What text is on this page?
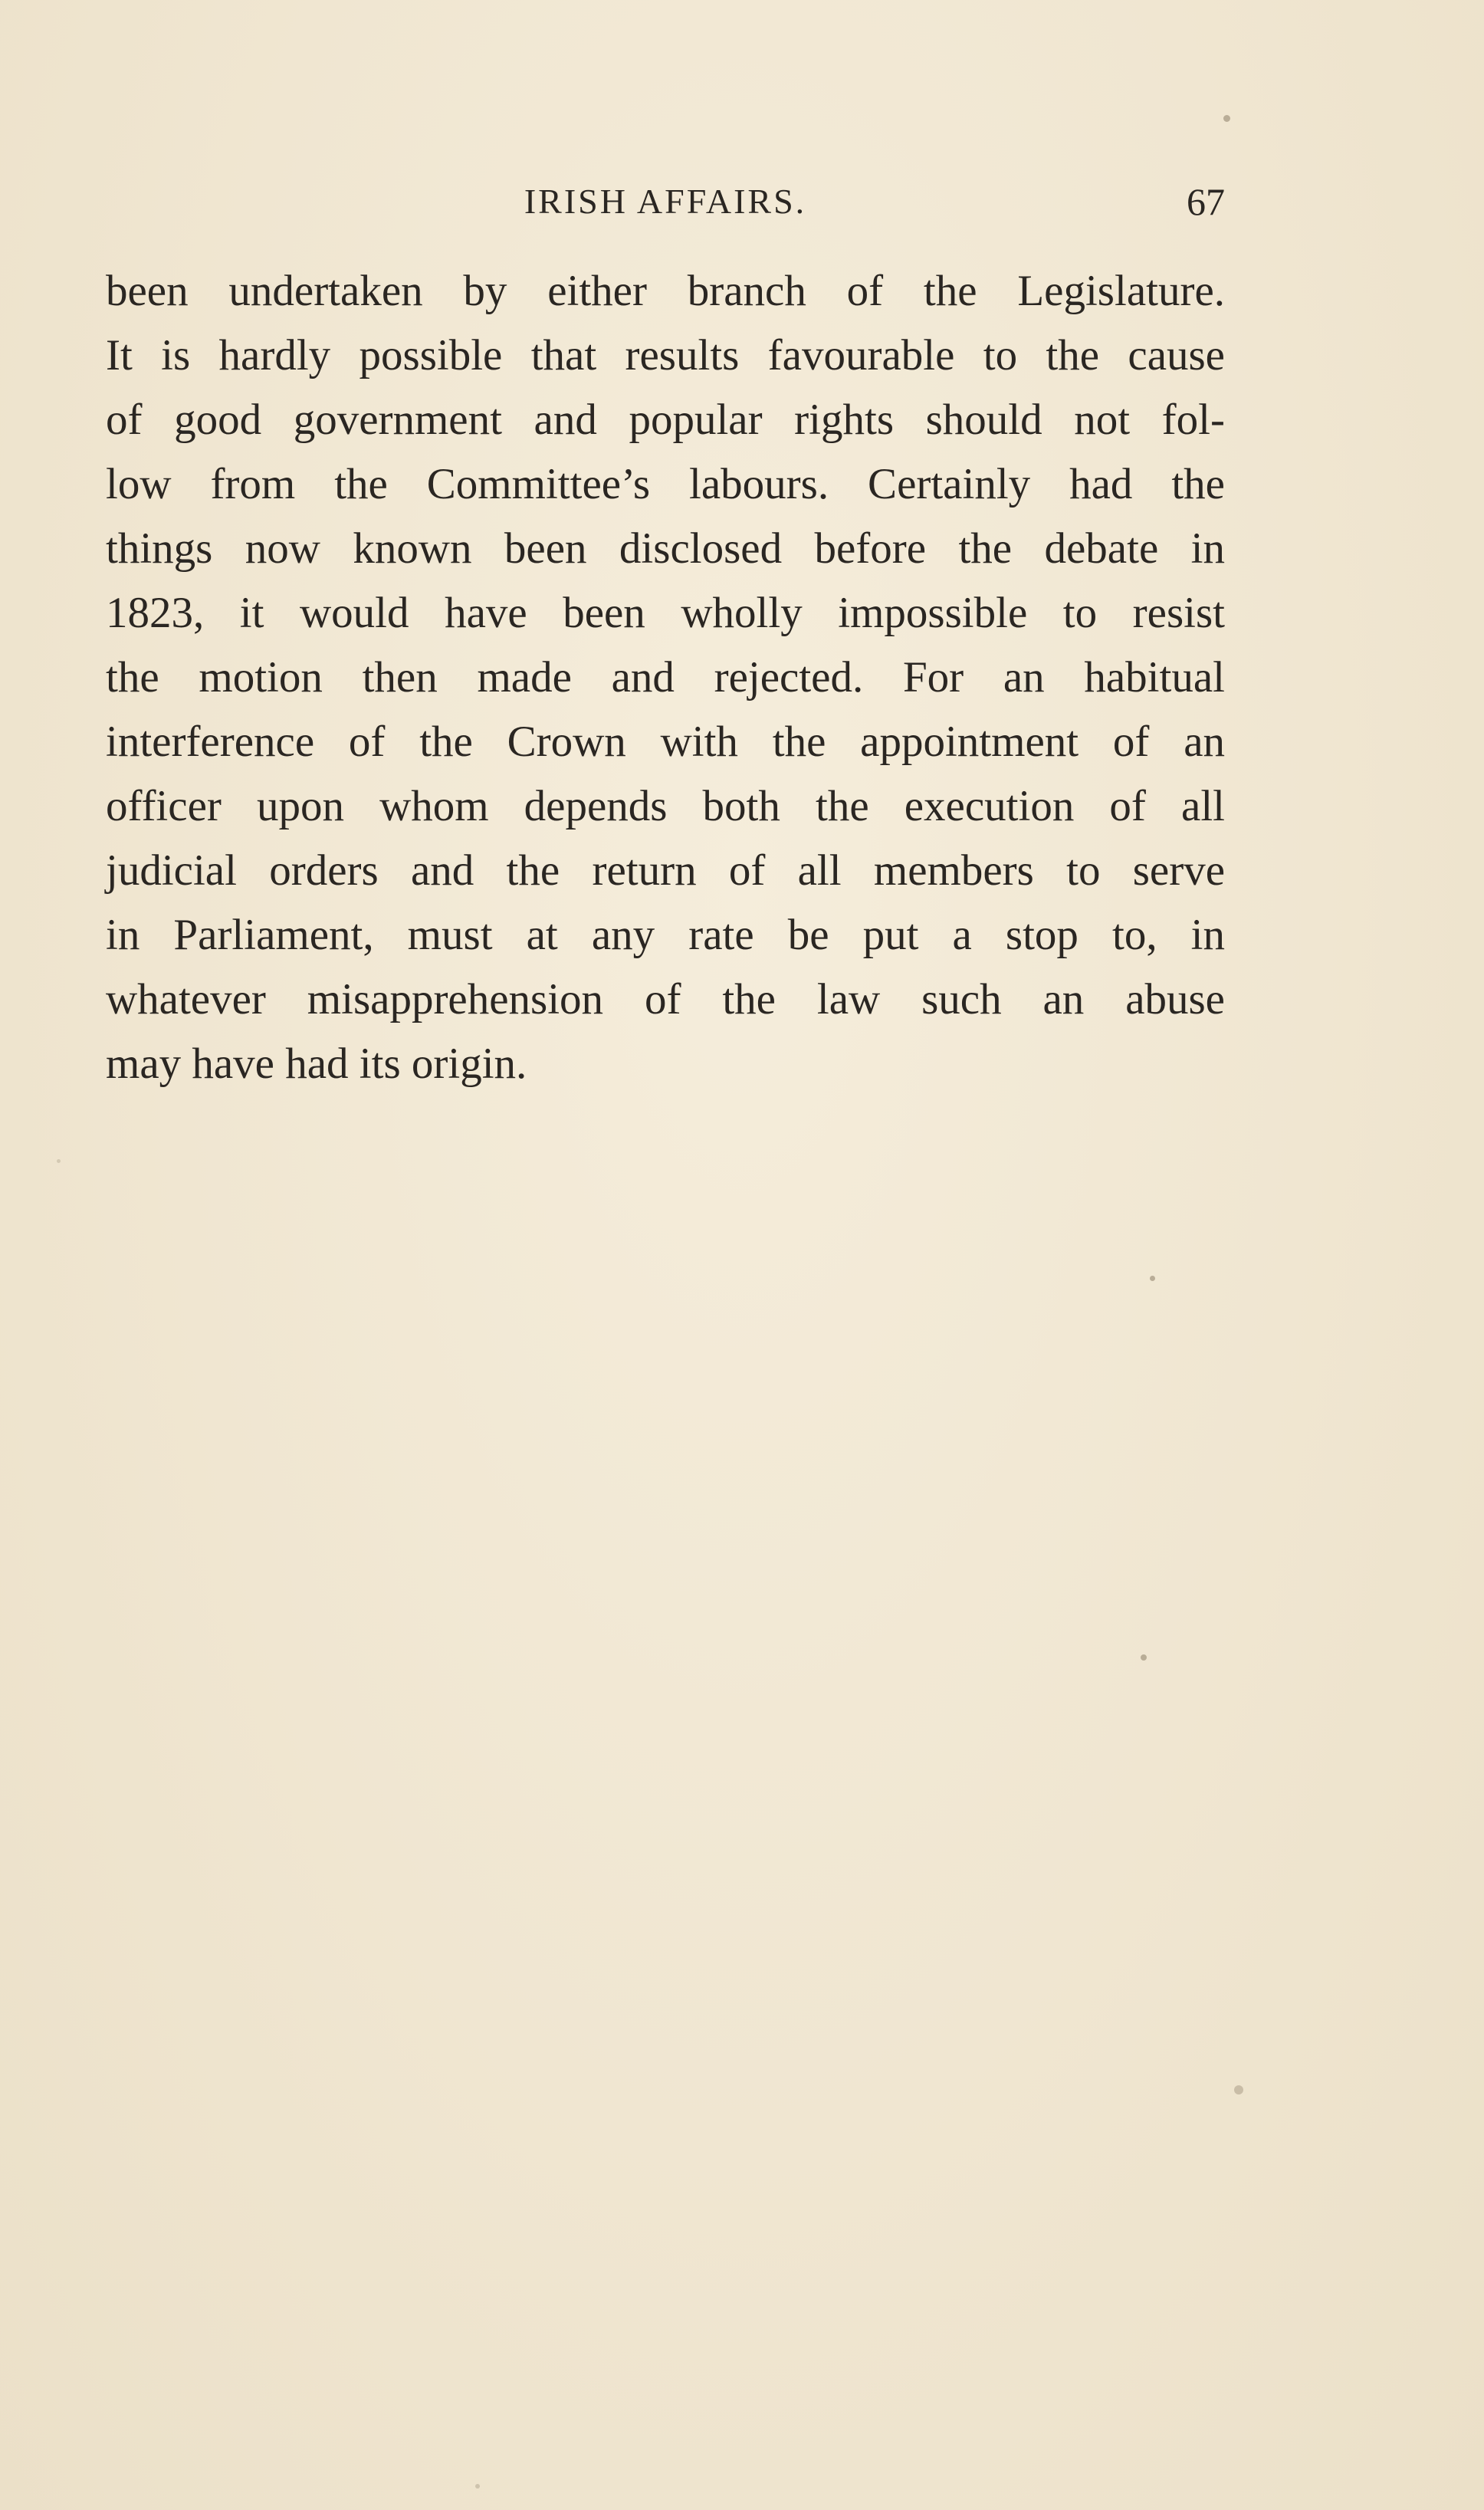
IRISH AFFAIRS.	67
been undertaken by either branch of the Legislature.
It is hardly possible that results favourable to the cause
of good government and popular rights should not fol-
low from the Committee’s labours. Certainly had the
things now known been disclosed before the debate in
1823, it would have been wholly impossible to resist
the motion then made and rejected. For an habitual
interference of the Crown with the appointment of an
officer upon whom depends both the execution of all
judicial orders and the return of all members to serve
in Parliament, must at any rate be put a stop to, in
whatever misapprehension of the law such an abuse
may have had its origin.
